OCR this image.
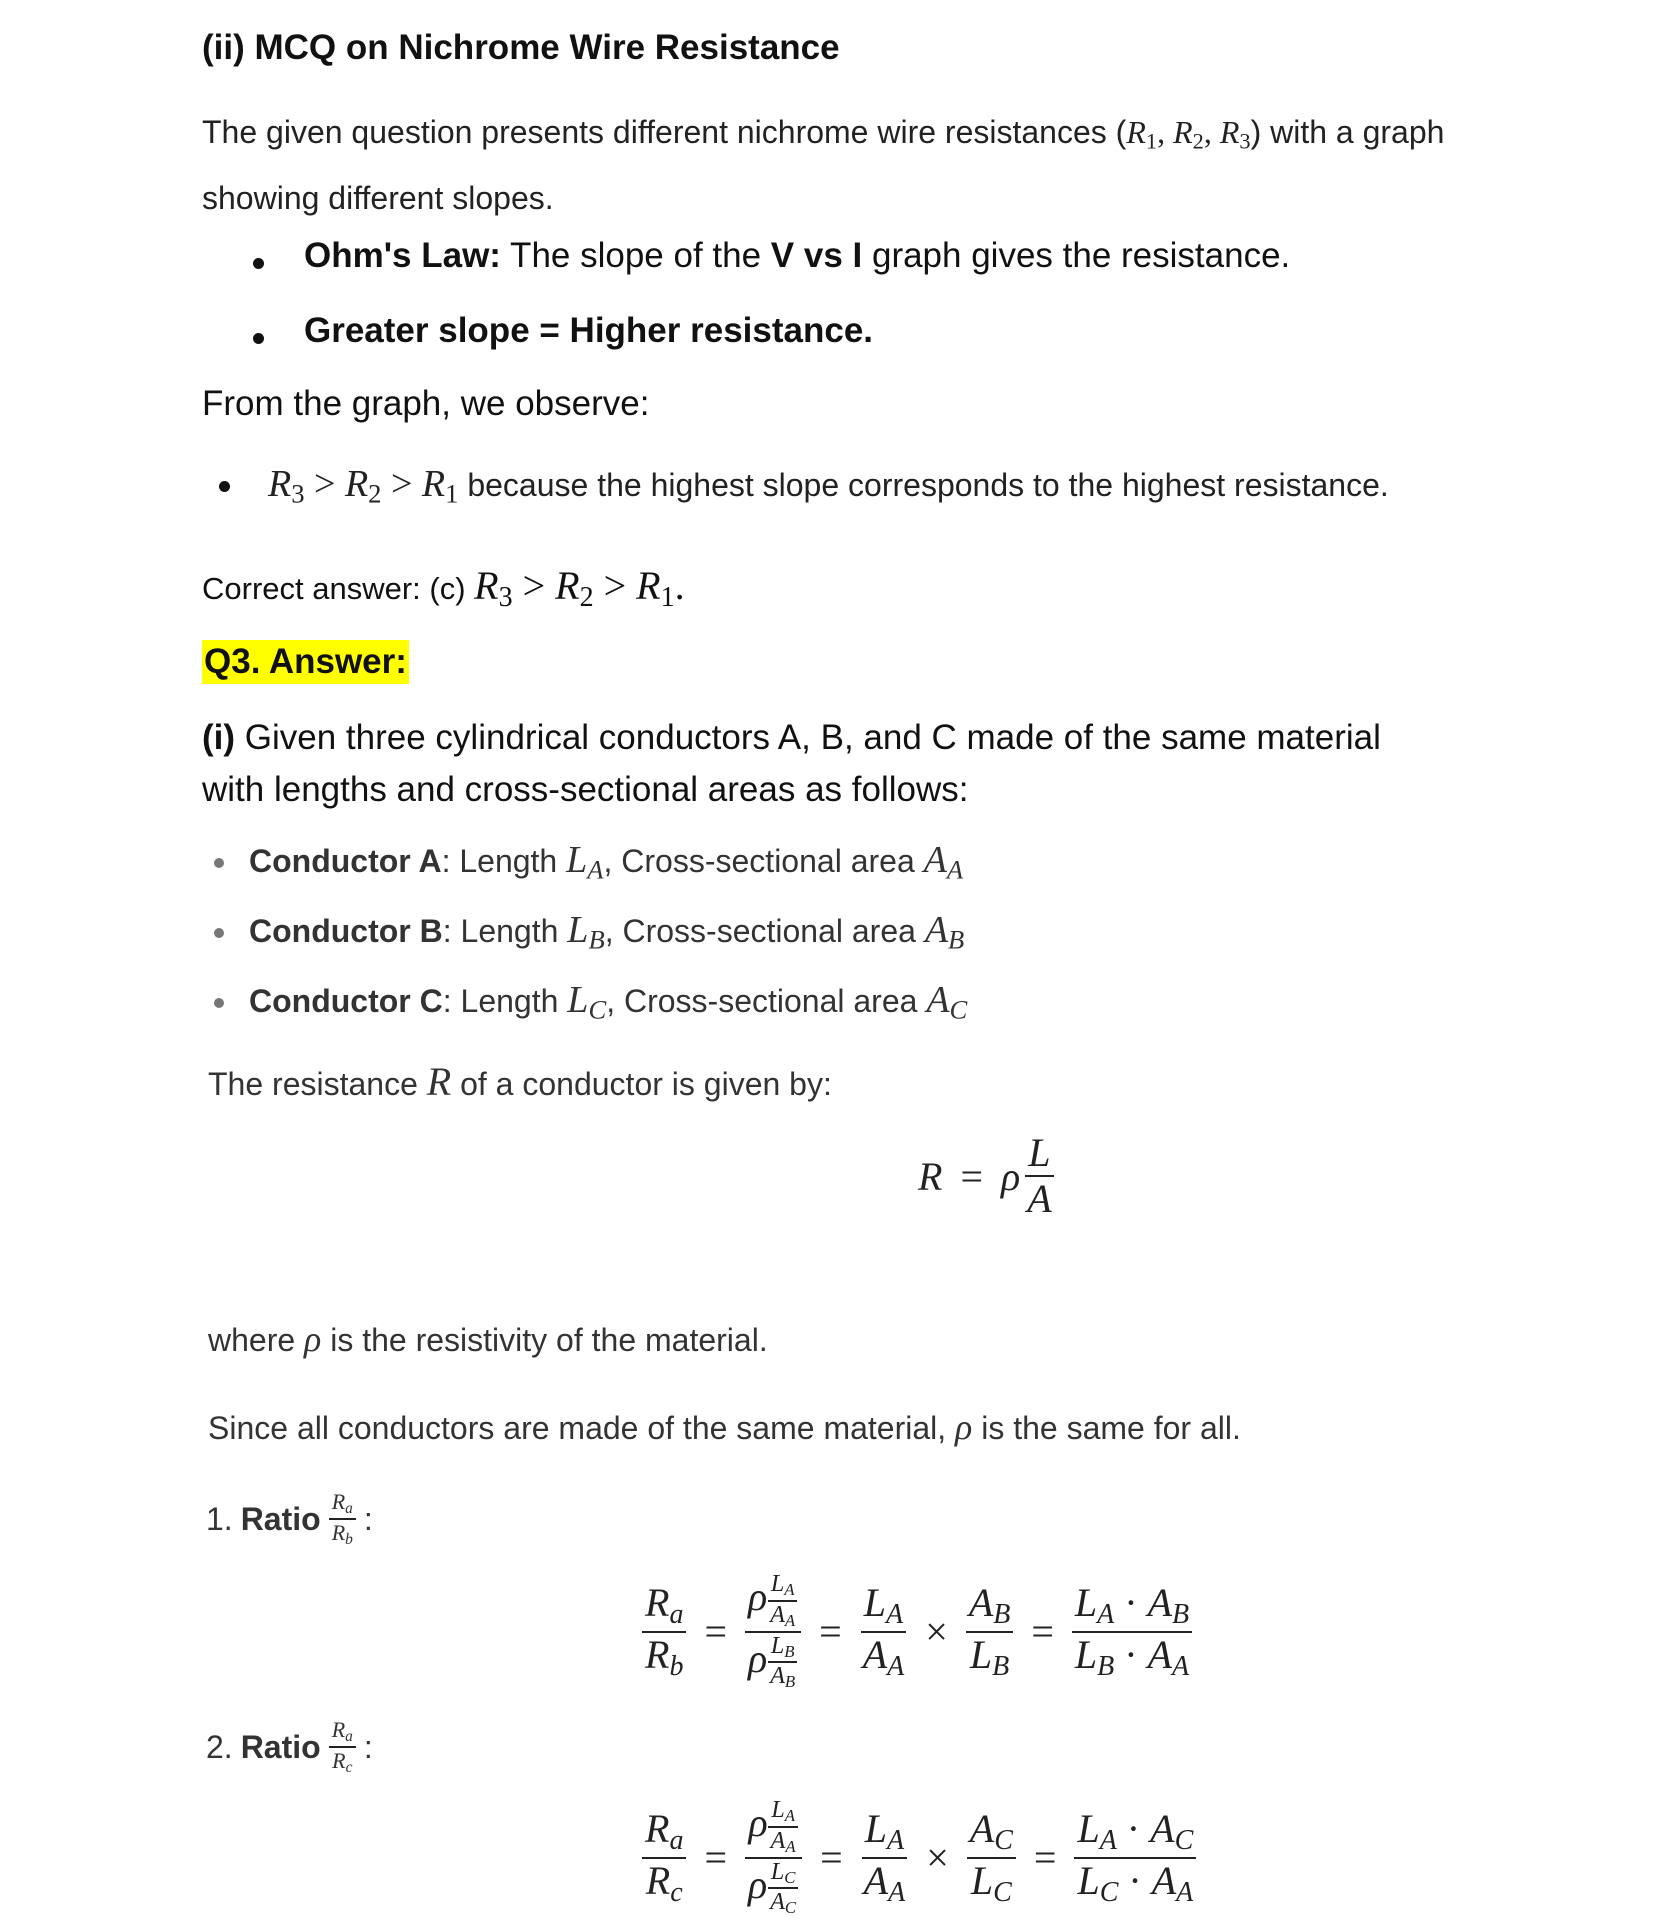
(ii) MCQ on Nichrome Wire Resistance
The given question presents different nichrome wire resistances ($R_1$, $R_2$, $R_3$) with a graph
showing different slopes.
Ohm's Law: The slope of the V vs I graph gives the resistance.
Greater slope = Higher resistance.
From the graph, we observe:
$R_3 > R_2 > R_1$ because the highest slope corresponds to the highest resistance.
Correct answer: (c) $R_3 > R_2 > R_1$.
Q3. Answer:
(i) Given three cylindrical conductors A, B, and C made of the same material
with lengths and cross-sectional areas as follows:
Conductor A: Length $L_A$, Cross-sectional area $A_A$
Conductor B: Length $L_B$, Cross-sectional area $A_B$
Conductor C: Length $L_C$, Cross-sectional area $A_C$
The resistance R of a conductor is given by:
R = ρ $\frac{L}{A}$
where ρ is the resistivity of the material.
Since all conductors are made of the same material, ρ is the same for all.
1. Ratio $\frac{R_a}{R_b}$ :
$\frac{R_a}{R_b} = \frac{\rho \frac{L_A}{A_A}}{\rho \frac{L_B}{A_B}} = \frac{L_A}{A_A} \times \frac{A_B}{L_B} = \frac{L_A \cdot A_B}{L_B \cdot A_A}$
2. Ratio $\frac{R_a}{R_c}$ :
$\frac{R_a}{R_c} = \frac{\rho \frac{L_A}{A_A}}{\rho \frac{L_C}{A_C}} = \frac{L_A}{A_A} \times \frac{A_C}{L_C} = \frac{L_A \cdot A_C}{L_C \cdot A_A}$
